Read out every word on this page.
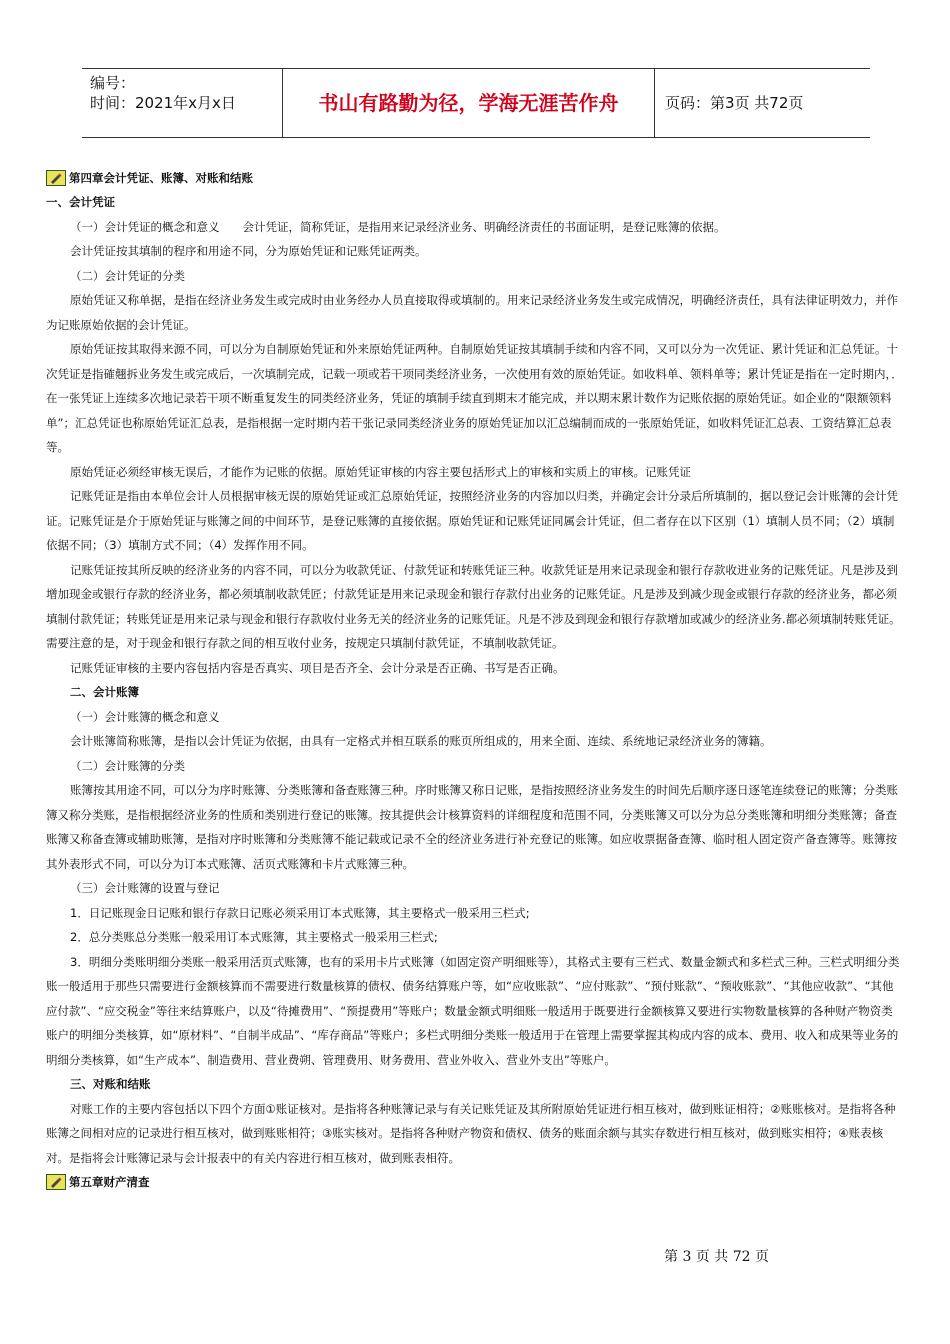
编号：
时间：2021年x月x日	书山有路勤为径，学海无涯苦作舟	页码：第3页 共72页
第四章会计凭证、账簿、对账和结账

一、会计凭证

（一）会计凭证的概念和意义　　会计凭证，简称凭证，是指用来记录经济业务、明确经济责任的书面证明，是登记账簿的依据。

会计凭证按其填制的程序和用途不同，分为原始凭证和记账凭证两类。

（二）会计凭证的分类

原始凭证又称单据，是指在经济业务发生或完成时由业务经办人员直接取得或填制的。用来记录经济业务发生或完成情况，明确经济责任，具有法律证明效力，并作为记账原始依据的会计凭证。

原始凭证按其取得来源不同，可以分为自制原始凭证和外来原始凭证两种。自制原始凭证按其填制手续和内容不同，又可以分为一次凭证、累计凭证和汇总凭证。十次凭证是指確翹拆业务发生或完成后，一次填制完成，记载一项或若干项同类经济业务，一次使用有效的原始凭证。如收料单、领料单等；累计凭证是指在一定时期内，．在一张凭证上连续多次地记录若干项不断重复发生的同类经济业务，凭证的填制手续直到期末才能完成，并以期末累计数作为记账依据的原始凭证。如企业的“限额领料单”；汇总凭证也称原始凭证汇总表，是指根据一定时期内若干张记录同类经济业务的原始凭证加以汇总编制而成的一张原始凭证，如收料凭证汇总表、工资结算汇总表等。

原始凭证必须经审核无误后，才能作为记账的依据。原始凭证审核的内容主要包括形式上的审核和实质上的审核。记账凭证

记账凭证是指由本单位会计人员根据审核无误的原始凭证或汇总原始凭证，按照经济业务的内容加以归类，并确定会计分录后所填制的，据以登记会计账簿的会计凭证。记账凭证是介于原始凭证与账簿之间的中间环节，是登记账簿的直接依据。原始凭证和记账凭证同属会计凭证，但二者存在以下区别（1）填制人员不同；（2）填制依据不同；（3）填制方式不同；（4）发挥作用不同。

记账凭证按其所反映的经济业务的内容不同，可以分为收款凭证、付款凭证和转账凭证三种。收款凭证是用来记录现金和银行存款收进业务的记账凭证。凡是涉及到增加现金或银行存款的经济业务，都必须填制收款凭匠；付款凭证是用来记录现金和银行存款付出业务的记账凭证。凡是涉及到减少现金或银行存款的经济业务，都必须填制付款凭证；转账凭证是用来记录与现金和银行存款收付业务无关的经济业务的记账凭证。凡是不涉及到现金和银行存款增加或减少的经济业务.都必须填制转账凭证。需要注意的是，对于现金和银行存款之间的相互收付业务，按规定只填制付款凭证，不填制收款凭证。

记账凭证审核的主要内容包括内容是否真实、项目是否齐全、会计分录是否正确、书写是否正确。

二、会计账簿

（一）会计账簿的概念和意义

会计账簿简称账簿，是指以会计凭证为依据，由具有一定格式并相互联系的账页所组成的，用来全面、连续、系统地记录经济业务的簿籍。

（二）会计账簿的分类

账簿按其用途不同，可以分为序时账簿、分类账簿和备查账簿三种。序时账簿又称日记账，是指按照经济业务发生的时间先后顺序逐日逐笔连续登记的账簿；分类账簿又称分类账，是指根据经济业务的性质和类别进行登记的账簿。按其提供会计核算资料的详细程度和范围不同，分类账簿又可以分为总分类账簿和明细分类账簿；备查账簿又称备查簿或辅助账簿，是指对序时账簿和分类账簿不能记载或记录不全的经济业务进行补充登记的账簿。如应收票据备查簿、临时租人固定资产备查簿等。账簿按其外表形式不同，可以分为订本式账簿、活页式账簿和卡片式账簿三种。

（三）会计账簿的设置与登记

1．日记账现金日记账和银行存款日记账必须采用订本式账簿，其主要格式一般采用三栏式;

2．总分类账总分类账一般采用订本式账簿，其主要格式一般采用三栏式;

3．明细分类账明细分类账一般采用活页式账簿，也有的采用卡片式账簿（如固定资产明细账等），其格式主要有三栏式、数量金额式和多栏式三种。三栏式明细分类账一般适用于那些只需要进行金额核算而不需要进行数量核算的债权、债务结算账户等，如“应收账款”、“应付账款”、“预付账款”、“预收账款”、“其他应收款”、“其他应付款”、“应交税金”等往来结算账户，以及“待摊费用”、“预提费用”等账户；数量金额式明细账一般适用于既要进行金额核算又要进行实物数量核算的各种财产物资类账户的明细分类核算，如“原材料”、“自制半成品”、“库存商品”等账户；多栏式明细分类账一般适用于在管理上需要掌握其构成内容的成本、费用、收入和成果等业务的明细分类核算，如“生产成本”、制造费用、营业费朔、管理费用、财务费用、营业外收入、营业外支出”等账户。

三、对账和结账

对账工作的主要内容包括以下四个方面①账证核对。是指将各种账簿记录与有关记账凭证及其所附原始凭证进行相互核对，做到账证相符；②账账核对。是指将各种账簿之间相对应的记录进行相互核对，做到账账相符；③账实核对。是指将各种财产物资和债权、债务的账面余额与其实存数进行相互核对，做到账实相符；④账表核对。是指将会计账簿记录与会计报表中的有关内容进行相互核对，做到账表相符。

第五章财产清查
第 3 页 共 72 页
